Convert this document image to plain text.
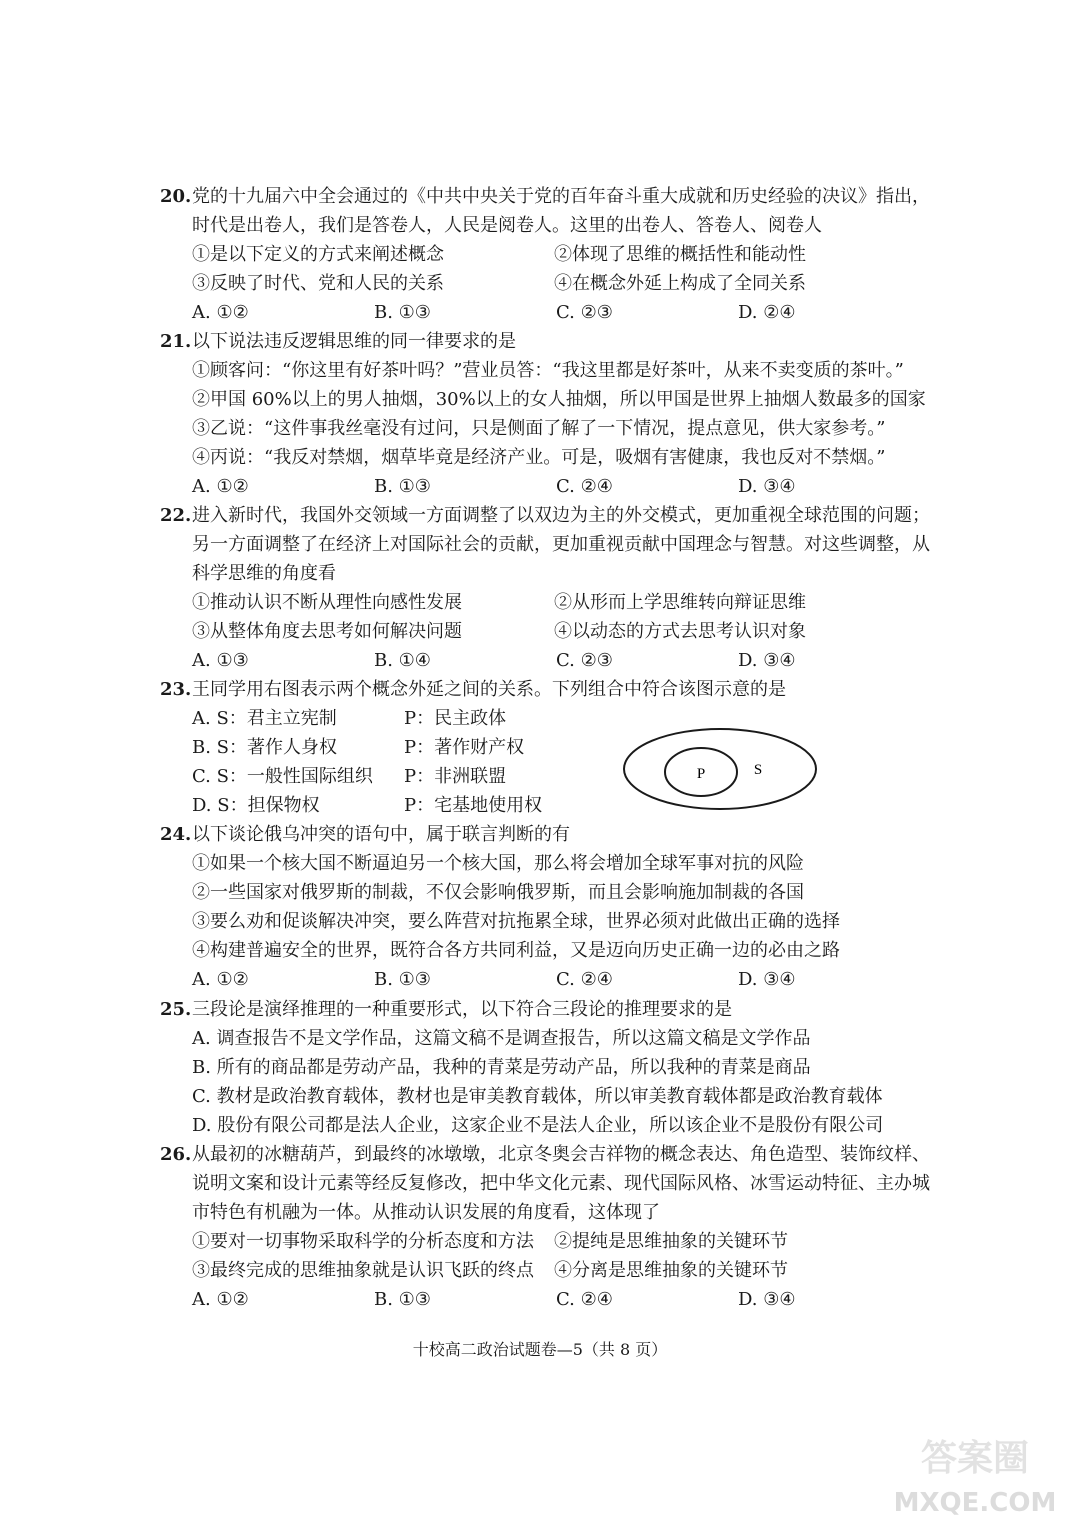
20. 党的十九届六中全会通过的《中共中央关于党的百年奋斗重大成就和历史经验的决议》指出，时代是出卷人，我们是答卷人，人民是阅卷人。这里的出卷人、答卷人、阅卷人
①是以下定义的方式来阐述概念	②体现了思维的概括性和能动性
③反映了时代、党和人民的关系	④在概念外延上构成了全同关系
A. ①②	B. ①③	C. ②③	D. ②④
21. 以下说法违反逻辑思维的同一律要求的是
①顾客问：“你这里有好茶叶吗？”营业员答：“我这里都是好茶叶，从来不卖变质的茶叶。”
②甲国 60%以上的男人抽烟，30%以上的女人抽烟，所以甲国是世界上抽烟人数最多的国家
③乙说：“这件事我丝毫没有过问，只是侧面了解了一下情况，提点意见，供大家参考。”
④丙说：“我反对禁烟，烟草毕竟是经济产业。可是，吸烟有害健康，我也反对不禁烟。”
A. ①②	B. ①③	C. ②④	D. ③④
22. 进入新时代，我国外交领域一方面调整了以双边为主的外交模式，更加重视全球范围的问题；另一方面调整了在经济上对国际社会的贡献，更加重视贡献中国理念与智慧。对这些调整，从科学思维的角度看
①推动认识不断从理性向感性发展	②从形而上学思维转向辩证思维
③从整体角度去思考如何解决问题	④以动态的方式去思考认识对象
A. ①③	B. ①④	C. ②③	D. ③④
23. 王同学用右图表示两个概念外延之间的关系。下列组合中符合该图示意的是
A. S：君主立宪制	P：民主政体
B. S：著作人身权	P：著作财产权
C. S：一般性国际组织	P：非洲联盟
D. S：担保物权	P：宅基地使用权
P	S
24. 以下谈论俄乌冲突的语句中，属于联言判断的有
①如果一个核大国不断逼迫另一个核大国，那么将会增加全球军事对抗的风险
②一些国家对俄罗斯的制裁，不仅会影响俄罗斯，而且会影响施加制裁的各国
③要么劝和促谈解决冲突，要么阵营对抗拖累全球，世界必须对此做出正确的选择
④构建普遍安全的世界，既符合各方共同利益，又是迈向历史正确一边的必由之路
A. ①②	B. ①③	C. ②④	D. ③④
25. 三段论是演绎推理的一种重要形式，以下符合三段论的推理要求的是
A. 调查报告不是文学作品，这篇文稿不是调查报告，所以这篇文稿是文学作品
B. 所有的商品都是劳动产品，我种的青菜是劳动产品，所以我种的青菜是商品
C. 教材是政治教育载体，教材也是审美教育载体，所以审美教育载体都是政治教育载体
D. 股份有限公司都是法人企业，这家企业不是法人企业，所以该企业不是股份有限公司
26. 从最初的冰糖葫芦，到最终的冰墩墩，北京冬奥会吉祥物的概念表达、角色造型、装饰纹样、说明文案和设计元素等经反复修改，把中华文化元素、现代国际风格、冰雪运动特征、主办城市特色有机融为一体。从推动认识发展的角度看，这体现了
①要对一切事物采取科学的分析态度和方法	②提纯是思维抽象的关键环节
③最终完成的思维抽象就是认识飞跃的终点	④分离是思维抽象的关键环节
A. ①②	B. ①③	C. ②④	D. ③④
十校高二政治试题卷—5（共 8 页）
答案圈
MXQE.COM
